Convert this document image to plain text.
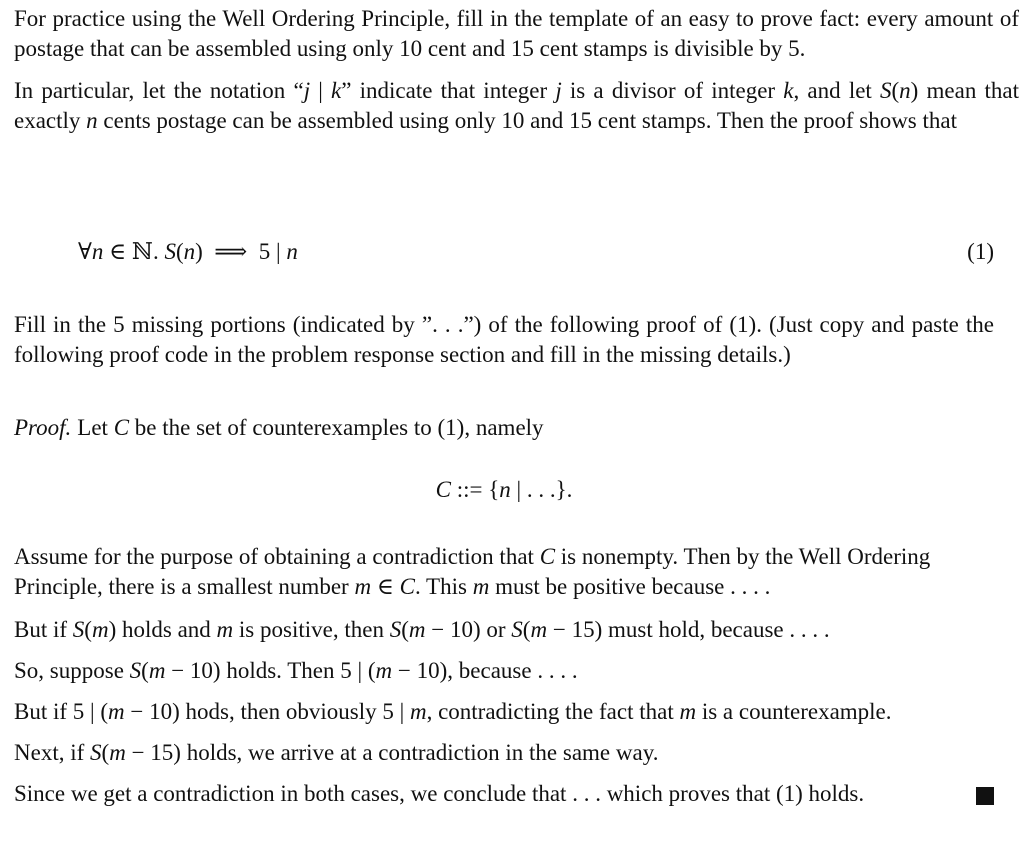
For practice using the Well Ordering Principle, fill in the template of an easy to prove fact: every amount of postage that can be assembled using only 10 cent and 15 cent stamps is divisible by 5.

In particular, let the notation “j | k” indicate that integer j is a divisor of integer k, and let S(n) mean that exactly n cents postage can be assembled using only 10 and 15 cent stamps. Then the proof shows that

∀n ∈ ℕ. S(n)  ⟹  5 | n	(1)

Fill in the 5 missing portions (indicated by ”. . .”) of the following proof of (1). (Just copy and paste the following proof code in the problem response section and fill in the missing details.)

Proof. Let C be the set of counterexamples to (1), namely

C ::= {n | . . .}.

Assume for the purpose of obtaining a contradiction that C is nonempty. Then by the Well Ordering Principle, there is a smallest number m ∈ C. This m must be positive because . . . .

But if S(m) holds and m is positive, then S(m − 10) or S(m − 15) must hold, because . . . .

So, suppose S(m − 10) holds. Then 5 | (m − 10), because . . . .

But if 5 | (m − 10) hods, then obviously 5 | m, contradicting the fact that m is a counterexample.

Next, if S(m − 15) holds, we arrive at a contradiction in the same way.

Since we get a contradiction in both cases, we conclude that . . . which proves that (1) holds.
